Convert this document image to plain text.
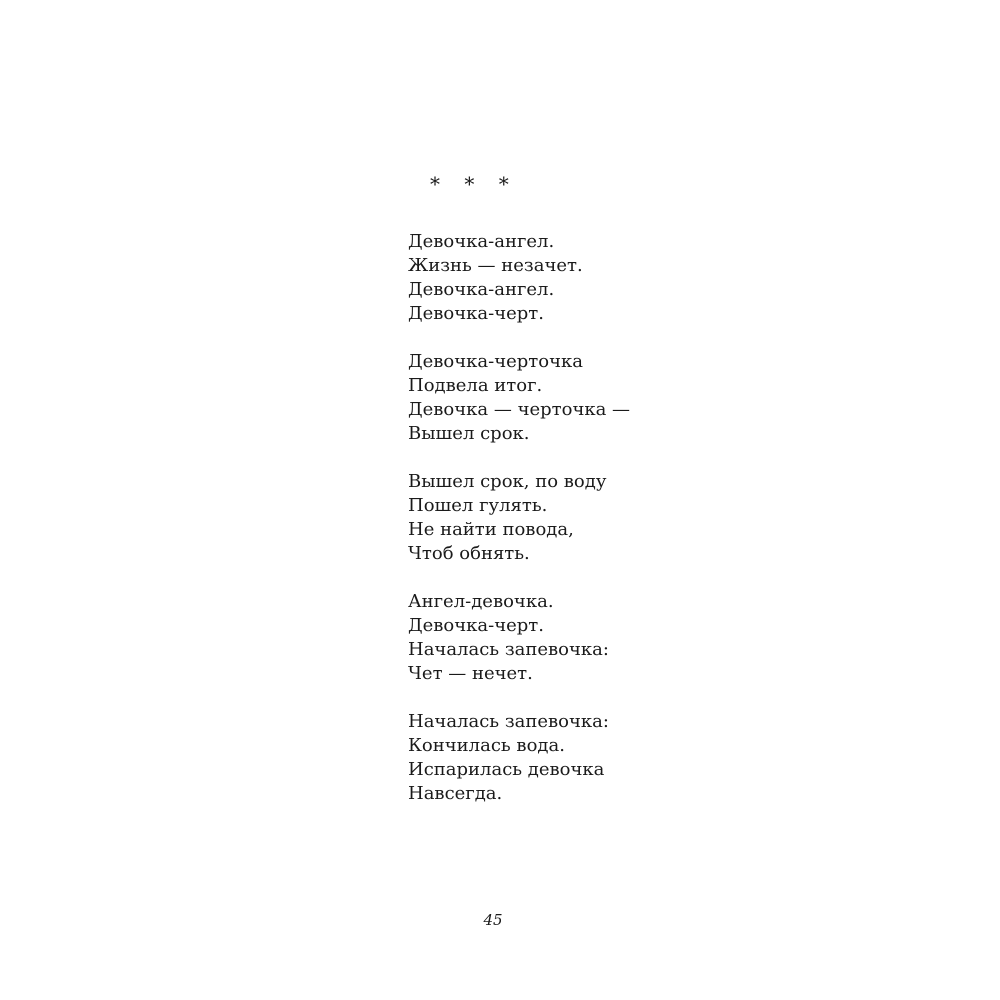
* * *
Девочка-ангел.
Жизнь — незачет.
Девочка-ангел.
Девочка-черт.
Девочка-черточка
Подвела итог.
Девочка — черточка —
Вышел срок.
Вышел срок, по воду
Пошел гулять.
Не найти повода,
Чтоб обнять.
Ангел-девочка.
Девочка-черт.
Началась запевочка:
Чет — нечет.
Началась запевочка:
Кончилась вода.
Испарилась девочка
Навсегда.
45
